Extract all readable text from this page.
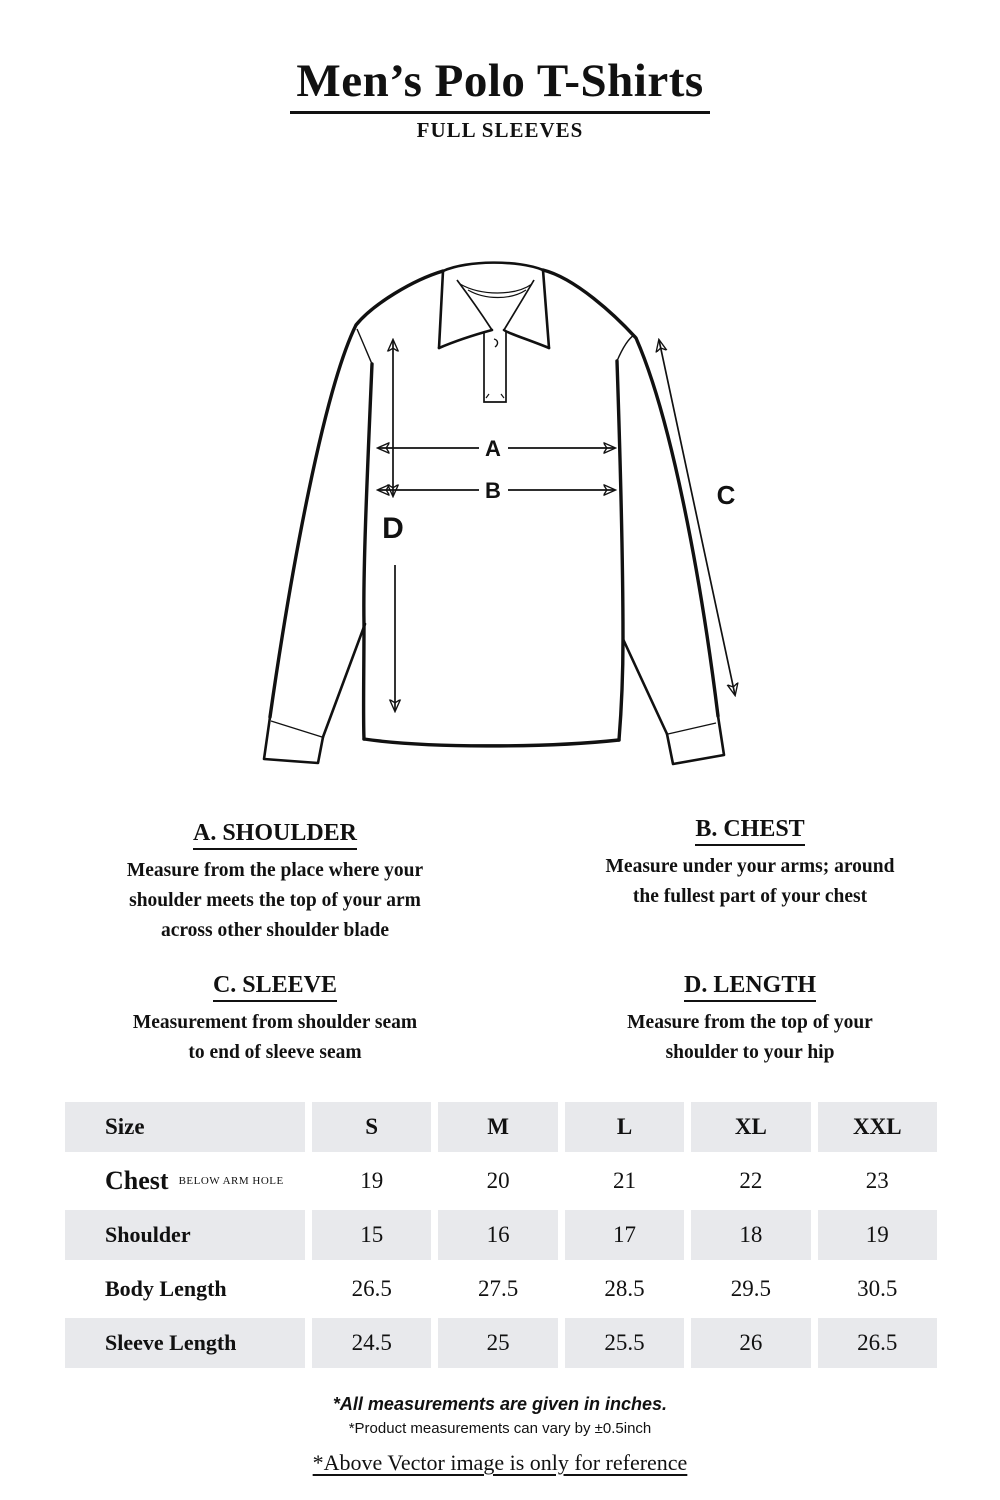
Men’s Polo T-Shirts
FULL SLEEVES
A
B	C
D
A. SHOULDER
Measure from the place where your
shoulder meets the top of your arm
across other shoulder blade
B. CHEST
Measure under your arms; around
the fullest part of your chest
C. SLEEVE
Measurement from shoulder seam
to end of sleeve seam
D. LENGTH
Measure from the top of your
shoulder to your hip
Size	S	M	L	XL	XXL
Chest BELOW ARM HOLE	19	20	21	22	23
Shoulder	15	16	17	18	19
Body Length	26.5	27.5	28.5	29.5	30.5
Sleeve Length	24.5	25	25.5	26	26.5
*All measurements are given in inches.
*Product measurements can vary by ±0.5inch
*Above Vector image is only for reference
